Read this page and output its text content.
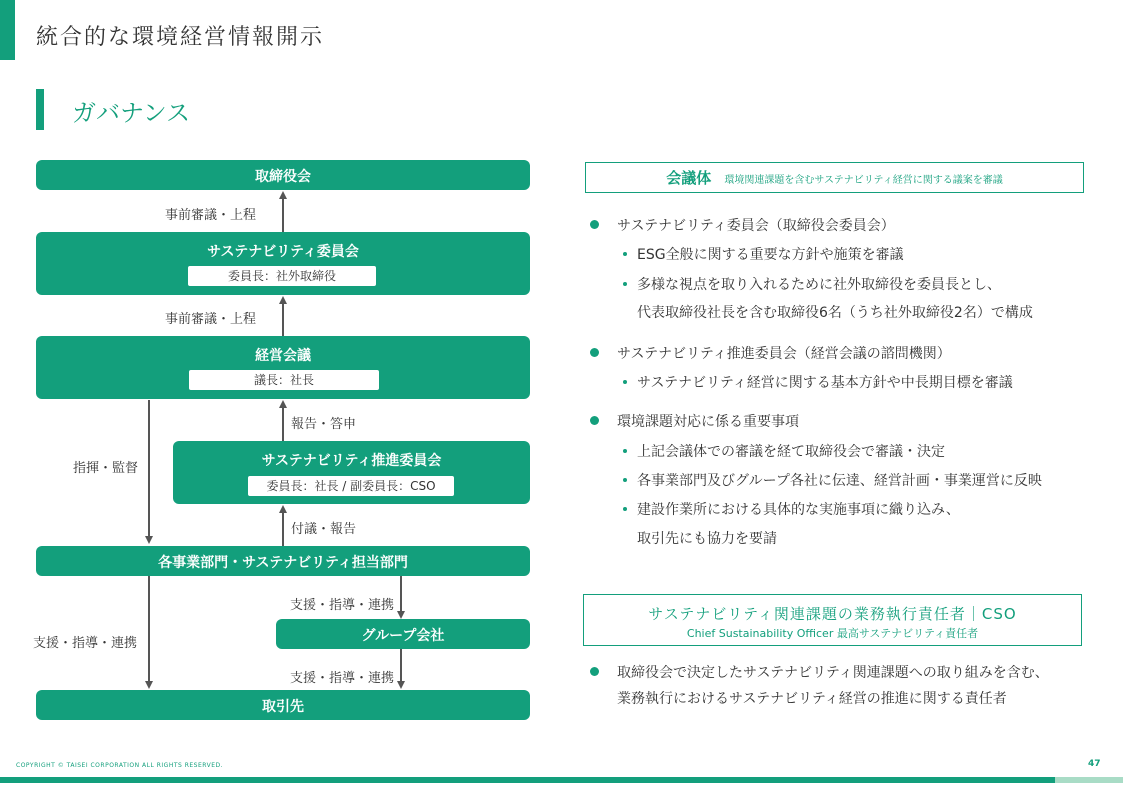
統合的な環境経営情報開示
ガバナンス
取締役会
事前審議・上程
サステナビリティ委員会
委員長：社外取締役
事前審議・上程
経営会議
議長：社長
報告・答申
指揮・監督	サステナビリティ推進委員会
委員長：社長 / 副委員長：CSO
付議・報告
各事業部門・サステナビリティ担当部門
支援・指導・連携
支援・指導・連携	グループ会社
支援・指導・連携
取引先
会議体 環境関連課題を含むサステナビリティ経営に関する議案を審議
サステナビリティ委員会（取締役会委員会）
ESG全般に関する重要な方針や施策を審議
多様な視点を取り入れるために社外取締役を委員長とし、
代表取締役社長を含む取締役6名（うち社外取締役2名）で構成
サステナビリティ推進委員会（経営会議の諮問機関）
サステナビリティ経営に関する基本方針や中長期目標を審議
環境課題対応に係る重要事項
上記会議体での審議を経て取締役会で審議・決定
各事業部門及びグループ各社に伝達、経営計画・事業運営に反映
建設作業所における具体的な実施事項に織り込み、
取引先にも協力を要請
サステナビリティ関連課題の業務執行責任者｜CSO
Chief Sustainability Officer 最高サステナビリティ責任者
取締役会で決定したサステナビリティ関連課題への取り組みを含む、
業務執行におけるサステナビリティ経営の推進に関する責任者
COPYRIGHT © TAISEI CORPORATION ALL RIGHTS RESERVED.	47
